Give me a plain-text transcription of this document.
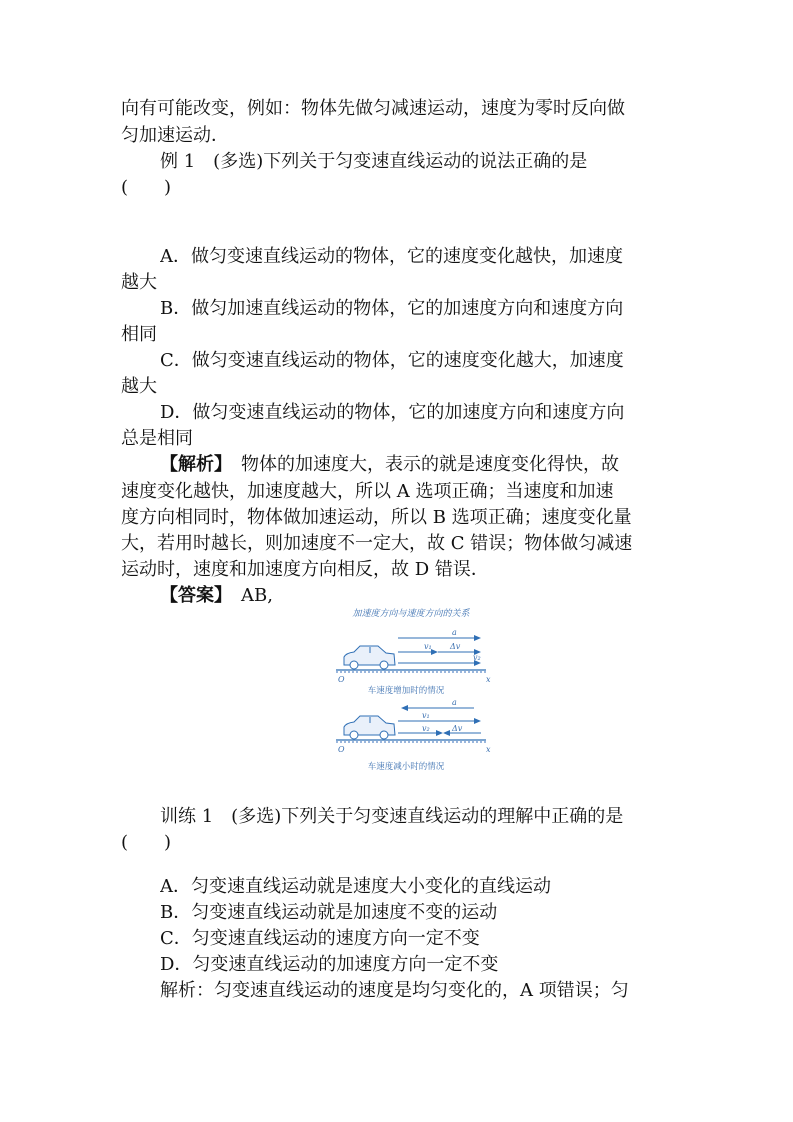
向有可能改变，例如：物体先做匀减速运动，速度为零时反向做
匀加速运动．
例 1　(多选)下列关于匀变速直线运动的说法正确的是
(　　)
A．做匀变速直线运动的物体，它的速度变化越快，加速度
越大
B．做匀加速直线运动的物体，它的加速度方向和速度方向
相同
C．做匀变速直线运动的物体，它的速度变化越大，加速度
越大
D．做匀变速直线运动的物体，它的加速度方向和速度方向
总是相同
【解析】　物体的加速度大，表示的就是速度变化得快，故
速度变化越快，加速度越大，所以 A 选项正确；当速度和加速
度方向相同时，物体做加速运动，所以 B 选项正确；速度变化量
大，若用时越长，则加速度不一定大，故 C 错误；物体做匀减速
运动时，速度和加速度方向相反，故 D 错误．
【答案】　AB,
加速度方向与速度方向的关系
a
v₁ Δv
v₂
O	x
车速度增加时的情况
a
v₁
v₂	Δv
O	x
车速度减小时的情况
训练 1　(多选)下列关于匀变速直线运动的理解中正确的是
(　　)
A．匀变速直线运动就是速度大小变化的直线运动
B．匀变速直线运动就是加速度不变的运动
C．匀变速直线运动的速度方向一定不变
D．匀变速直线运动的加速度方向一定不变
解析：匀变速直线运动的速度是均匀变化的，A 项错误；匀
